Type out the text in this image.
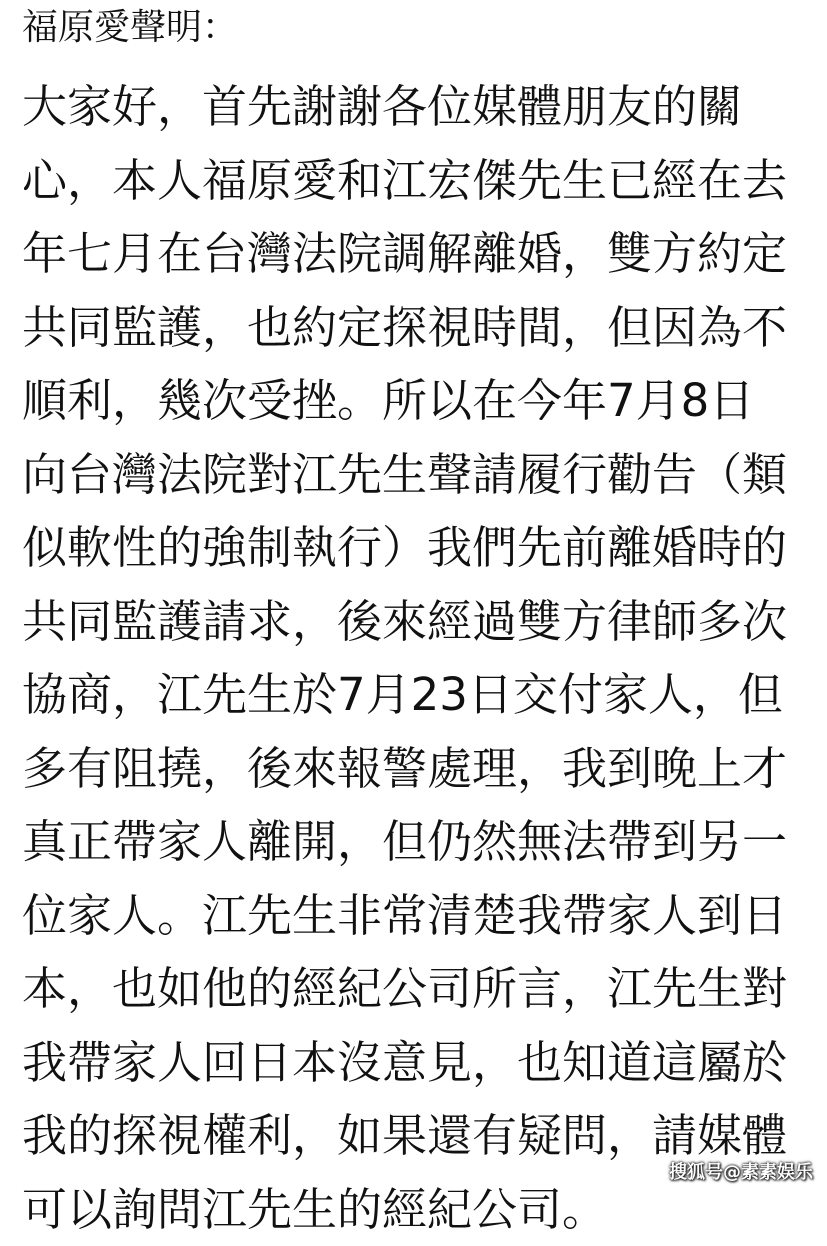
福原愛聲明：
大家好，首先謝謝各位媒體朋友的關
心，本人福原愛和江宏傑先生已經在去
年七月在台灣法院調解離婚，雙方約定
共同監護，也約定探視時間，但因為不
順利，幾次受挫。所以在今年7月8日
向台灣法院對江先生聲請履行勸告（類
似軟性的強制執行）我們先前離婚時的
共同監護請求，後來經過雙方律師多次
協商，江先生於7月23日交付家人，但
多有阻撓，後來報警處理，我到晚上才
真正帶家人離開，但仍然無法帶到另一
位家人。江先生非常清楚我帶家人到日
本，也如他的經紀公司所言，江先生對
我帶家人回日本沒意見，也知道這屬於
我的探視權利，如果還有疑問，請媒體
可以詢問江先生的經紀公司。
搜狐号@素素娱乐
